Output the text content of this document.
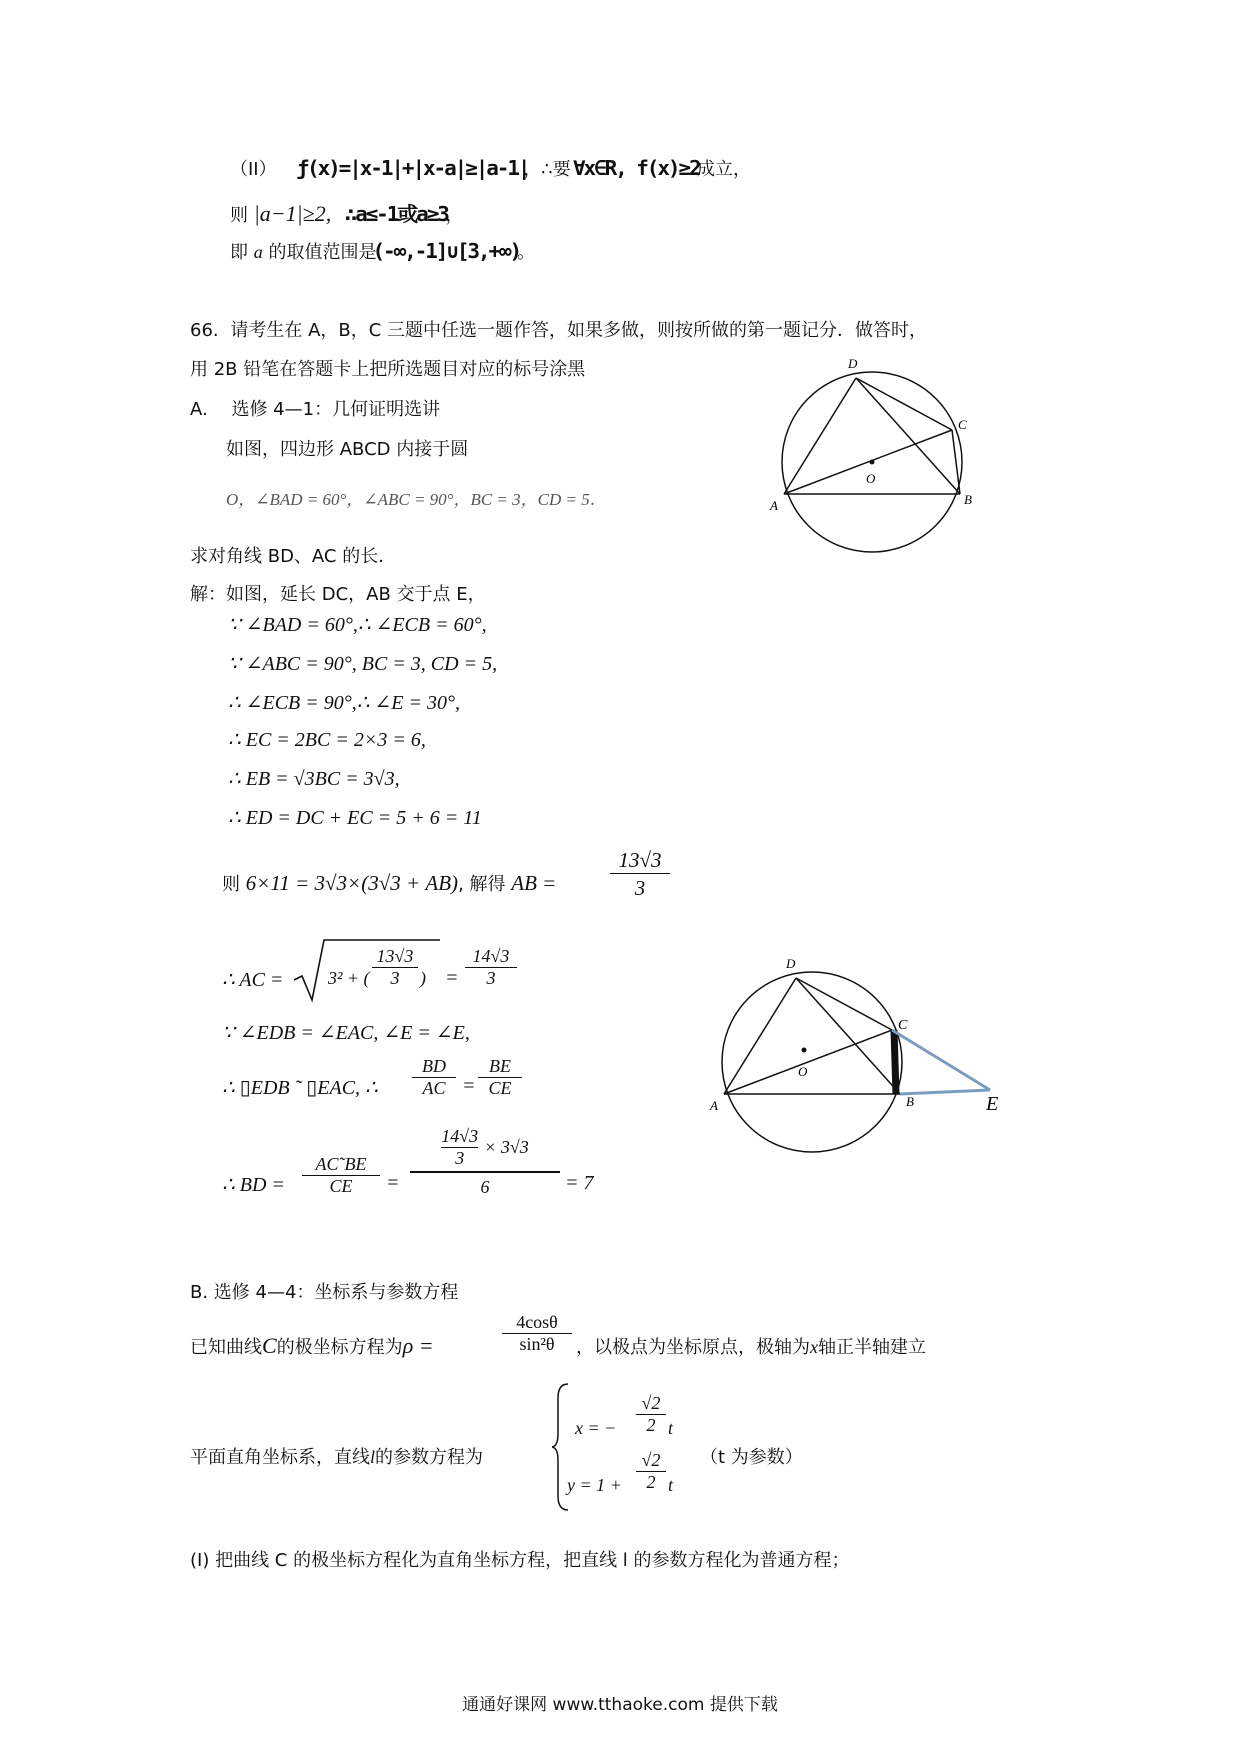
（II） ƒ(x)=|x-1|+|x-a|≥|a-1|，∴要 ∀x∈R, f(x)≥2成立，
则 |a−1|≥2, ∴a≤-1或a≥3，
即 a 的取值范围是(-∞,-1]∪[3,+∞)。
66. 请考生在 A，B，C 三题中任选一题作答，如果多做，则按所做的第一题记分．做答时，
用 2B 铅笔在答题卡上把所选题目对应的标号涂黑
A. 选修 4—1：几何证明选讲
如图，四边形 ABCD 内接于圆
O，∠BAD = 60°，∠ABC = 90°，BC = 3，CD = 5.
求对角线 BD、AC 的长．
解：如图，延长 DC，AB 交于点 E，
∵ ∠BAD = 60°,∴ ∠ECB = 60°,
∵ ∠ABC = 90°, BC = 3, CD = 5,
∴ ∠ECB = 90°,∴ ∠E = 30°,
∴ EC = 2BC = 2×3 = 6,
∴ EB = √3BC = 3√3,
∴ ED = DC + EC = 5 + 6 = 11
则 6×11 = 3√3×(3√3 + AB), 解得 AB =	$\frac{13√3}{3}$
∴ AC = 3² + ( $\frac{13√3}{3}$ ) = $\frac{14√3}{3}$
∵ ∠EDB = ∠EAC, ∠E = ∠E,
∴ ▯EDB ˜ ▯EAC, ∴ $\frac{BD}{AC} = \frac{BE}{CE}$
∴ BD = $\frac{AC˜BE}{CE} = \frac{\frac{14√3}{3} \times 3√3}{6} = 7$
D
C
O
A	B
D
C
O
A	B	E
B. 选修 4—4：坐标系与参数方程
已知曲线C的极坐标方程为ρ =	$\frac{4\cos\theta}{\text{sin²θ}}$ ，以极点为坐标原点，极轴为x轴正半轴建立
平面直角坐标系，直线l的参数方程为
x = − $\frac{√2}{2}$ t
$y = 1 + \frac{√2}{2}$ t
（t 为参数）
(I) 把曲线 C 的极坐标方程化为直角坐标方程，把直线 l 的参数方程化为普通方程；
通通好课网 www.tthaoke.com 提供下载
